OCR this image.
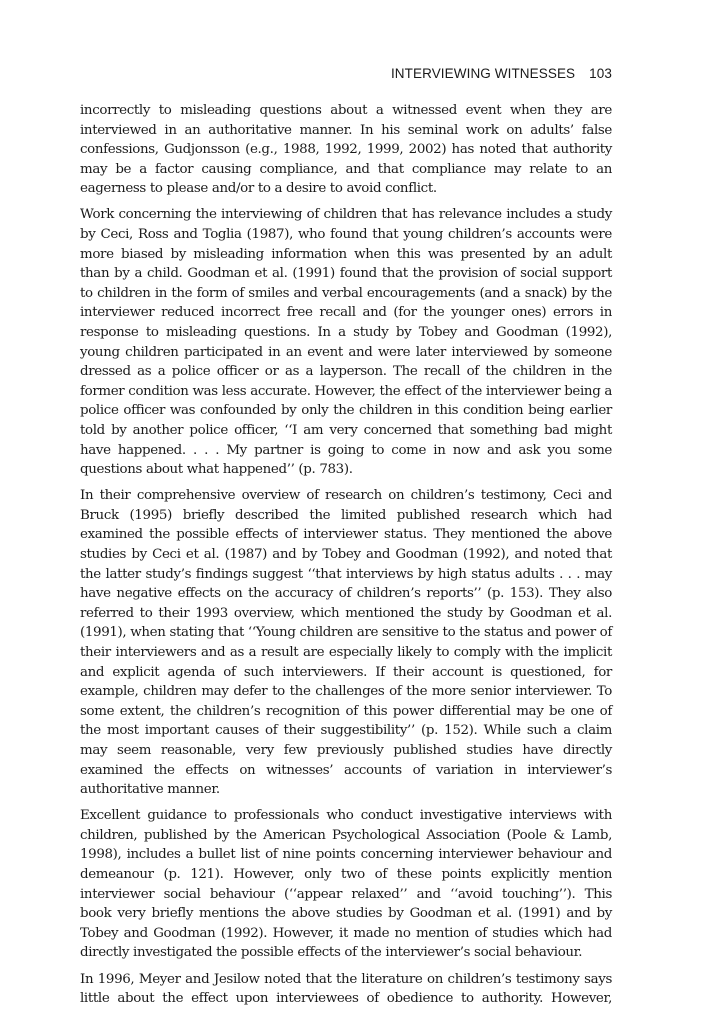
INTERVIEWING WITNESSES 103
incorrectly to misleading questions about a witnessed event when they are
interviewed in an authoritative manner. In his seminal work on adults’ false
confessions, Gudjonsson (e.g., 1988, 1992, 1999, 2002) has noted that authority
may be a factor causing compliance, and that compliance may relate to an
eagerness to please and/or to a desire to avoid conflict.
Work concerning the interviewing of children that has relevance includes a study
by Ceci, Ross and Toglia (1987), who found that young children’s accounts were
more biased by misleading information when this was presented by an adult
than by a child. Goodman et al. (1991) found that the provision of social support
to children in the form of smiles and verbal encouragements (and a snack) by the
interviewer reduced incorrect free recall and (for the younger ones) errors in
response to misleading questions. In a study by Tobey and Goodman (1992),
young children participated in an event and were later interviewed by someone
dressed as a police officer or as a layperson. The recall of the children in the
former condition was less accurate. However, the effect of the interviewer being a
police officer was confounded by only the children in this condition being earlier
told by another police officer, ‘‘I am very concerned that something bad might
have happened. . . . My partner is going to come in now and ask you some
questions about what happened’’ (p. 783).
In their comprehensive overview of research on children’s testimony, Ceci and
Bruck (1995) briefly described the limited published research which had
examined the possible effects of interviewer status. They mentioned the above
studies by Ceci et al. (1987) and by Tobey and Goodman (1992), and noted that
the latter study’s findings suggest ‘‘that interviews by high status adults . . . may
have negative effects on the accuracy of children’s reports’’ (p. 153). They also
referred to their 1993 overview, which mentioned the study by Goodman et al.
(1991), when stating that ‘‘Young children are sensitive to the status and power of
their interviewers and as a result are especially likely to comply with the implicit
and explicit agenda of such interviewers. If their account is questioned, for
example, children may defer to the challenges of the more senior interviewer. To
some extent, the children’s recognition of this power differential may be one of
the most important causes of their suggestibility’’ (p. 152). While such a claim
may seem reasonable, very few previously published studies have directly
examined the effects on witnesses’ accounts of variation in interviewer’s
authoritative manner.
Excellent guidance to professionals who conduct investigative interviews with
children, published by the American Psychological Association (Poole & Lamb,
1998), includes a bullet list of nine points concerning interviewer behaviour and
demeanour (p. 121). However, only two of these points explicitly mention
interviewer social behaviour (‘‘appear relaxed’’ and ‘‘avoid touching’’). This
book very briefly mentions the above studies by Goodman et al. (1991) and by
Tobey and Goodman (1992). However, it made no mention of studies which had
directly investigated the possible effects of the interviewer’s social behaviour.
In 1996, Meyer and Jesilow noted that the literature on children’s testimony says
little about the effect upon interviewees of obedience to authority. However,
